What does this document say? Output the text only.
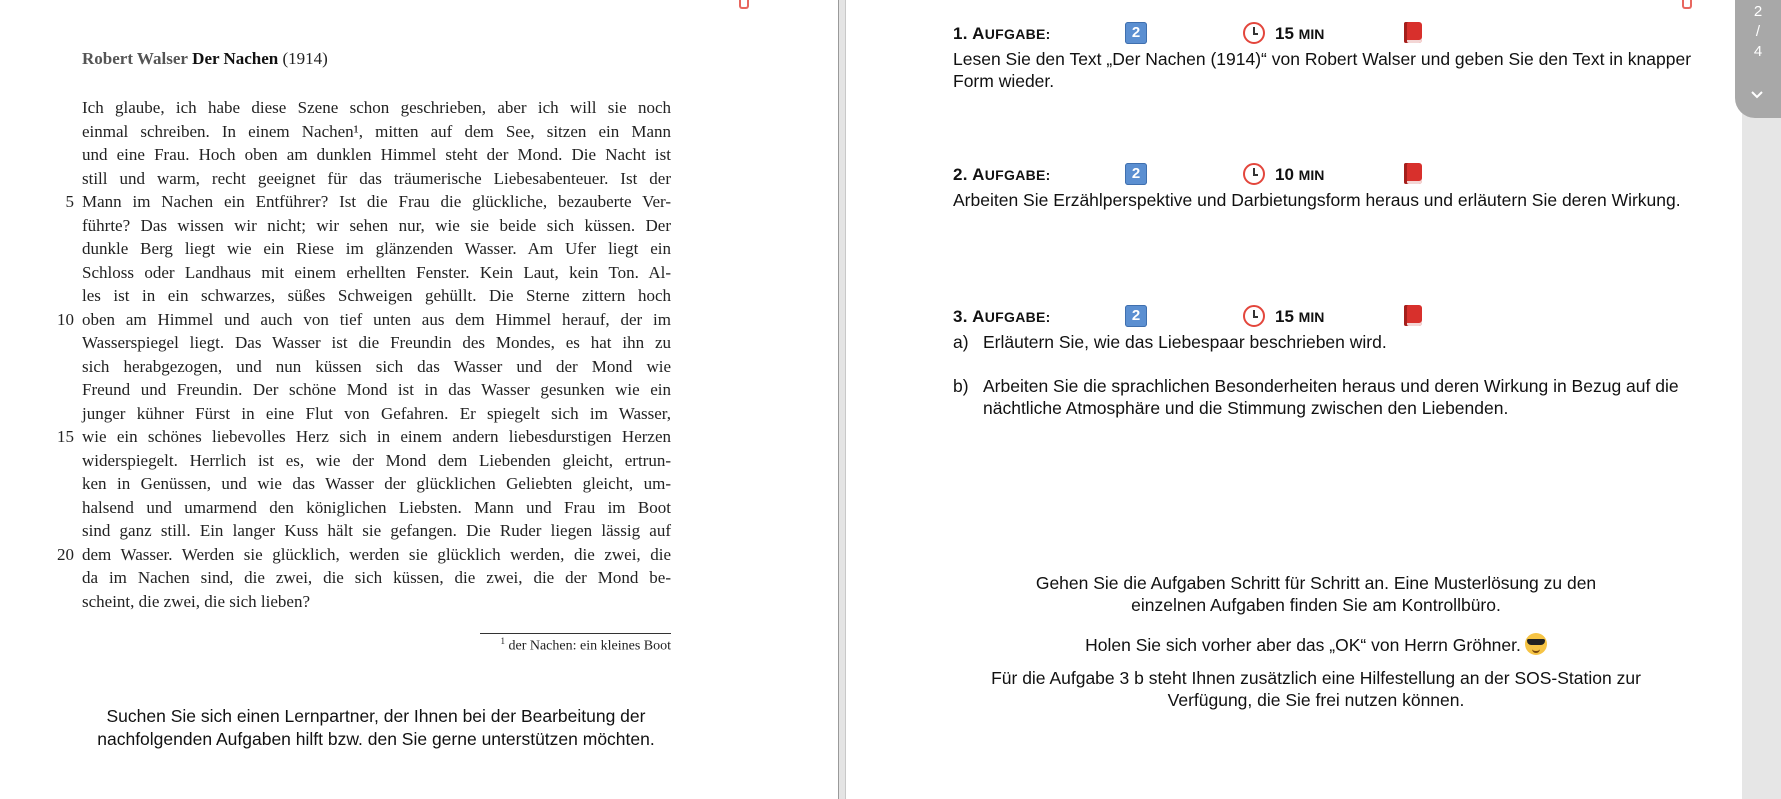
Robert Walser Der Nachen (1914)
Ich glaube, ich habe diese Szene schon geschrieben, aber ich will sie noch
einmal schreiben. In einem Nachen¹, mitten auf dem See, sitzen ein Mann
und eine Frau. Hoch oben am dunklen Himmel steht der Mond. Die Nacht ist
still und warm, recht geeignet für das träumerische Liebesabenteuer. Ist der
5 Mann im Nachen ein Entführer? Ist die Frau die glückliche, bezauberte Ver-
führte? Das wissen wir nicht; wir sehen nur, wie sie beide sich küssen. Der
dunkle Berg liegt wie ein Riese im glänzenden Wasser. Am Ufer liegt ein
Schloss oder Landhaus mit einem erhellten Fenster. Kein Laut, kein Ton. Al-
les ist in ein schwarzes, süßes Schweigen gehüllt. Die Sterne zittern hoch
10 oben am Himmel und auch von tief unten aus dem Himmel herauf, der im
Wasserspiegel liegt. Das Wasser ist die Freundin des Mondes, es hat ihn zu
sich herabgezogen, und nun küssen sich das Wasser und der Mond wie
Freund und Freundin. Der schöne Mond ist in das Wasser gesunken wie ein
junger kühner Fürst in eine Flut von Gefahren. Er spiegelt sich im Wasser,
15 wie ein schönes liebevolles Herz sich in einem andern liebesdurstigen Herzen
widerspiegelt. Herrlich ist es, wie der Mond dem Liebenden gleicht, ertrun-
ken in Genüssen, und wie das Wasser der glücklichen Geliebten gleicht, um-
halsend und umarmend den königlichen Liebsten. Mann und Frau im Boot
sind ganz still. Ein langer Kuss hält sie gefangen. Die Ruder liegen lässig auf
20 dem Wasser. Werden sie glücklich, werden sie glücklich werden, die zwei, die
da im Nachen sind, die zwei, die sich küssen, die zwei, die der Mond be-
scheint, die zwei, die sich lieben?
$^1$ der Nachen: ein kleines Boot
Suchen Sie sich einen Lernpartner, der Ihnen bei der Bearbeitung der
nachfolgenden Aufgaben hilft bzw. den Sie gerne unterstützen möchten.
1. AUFGABE:	2	15 MIN
Lesen Sie den Text „Der Nachen (1914)“ von Robert Walser und geben Sie den Text in knapper Form wieder.
2. AUFGABE:	2	10 MIN
Arbeiten Sie Erzählperspektive und Darbietungsform heraus und erläutern Sie deren Wirkung.
3. AUFGABE:	2	15 MIN
a) Erläutern Sie, wie das Liebespaar beschrieben wird.
b) Arbeiten Sie die sprachlichen Besonderheiten heraus und deren Wirkung in Bezug auf die nächtliche Atmosphäre und die Stimmung zwischen den Liebenden.
Gehen Sie die Aufgaben Schritt für Schritt an. Eine Musterlösung zu den einzelnen Aufgaben finden Sie am Kontrollbüro.
Holen Sie sich vorher aber das „OK“ von Herrn Gröhner.
Für die Aufgabe 3 b steht Ihnen zusätzlich eine Hilfestellung an der SOS-Station zur Verfügung, die Sie frei nutzen können.
2
/
4
